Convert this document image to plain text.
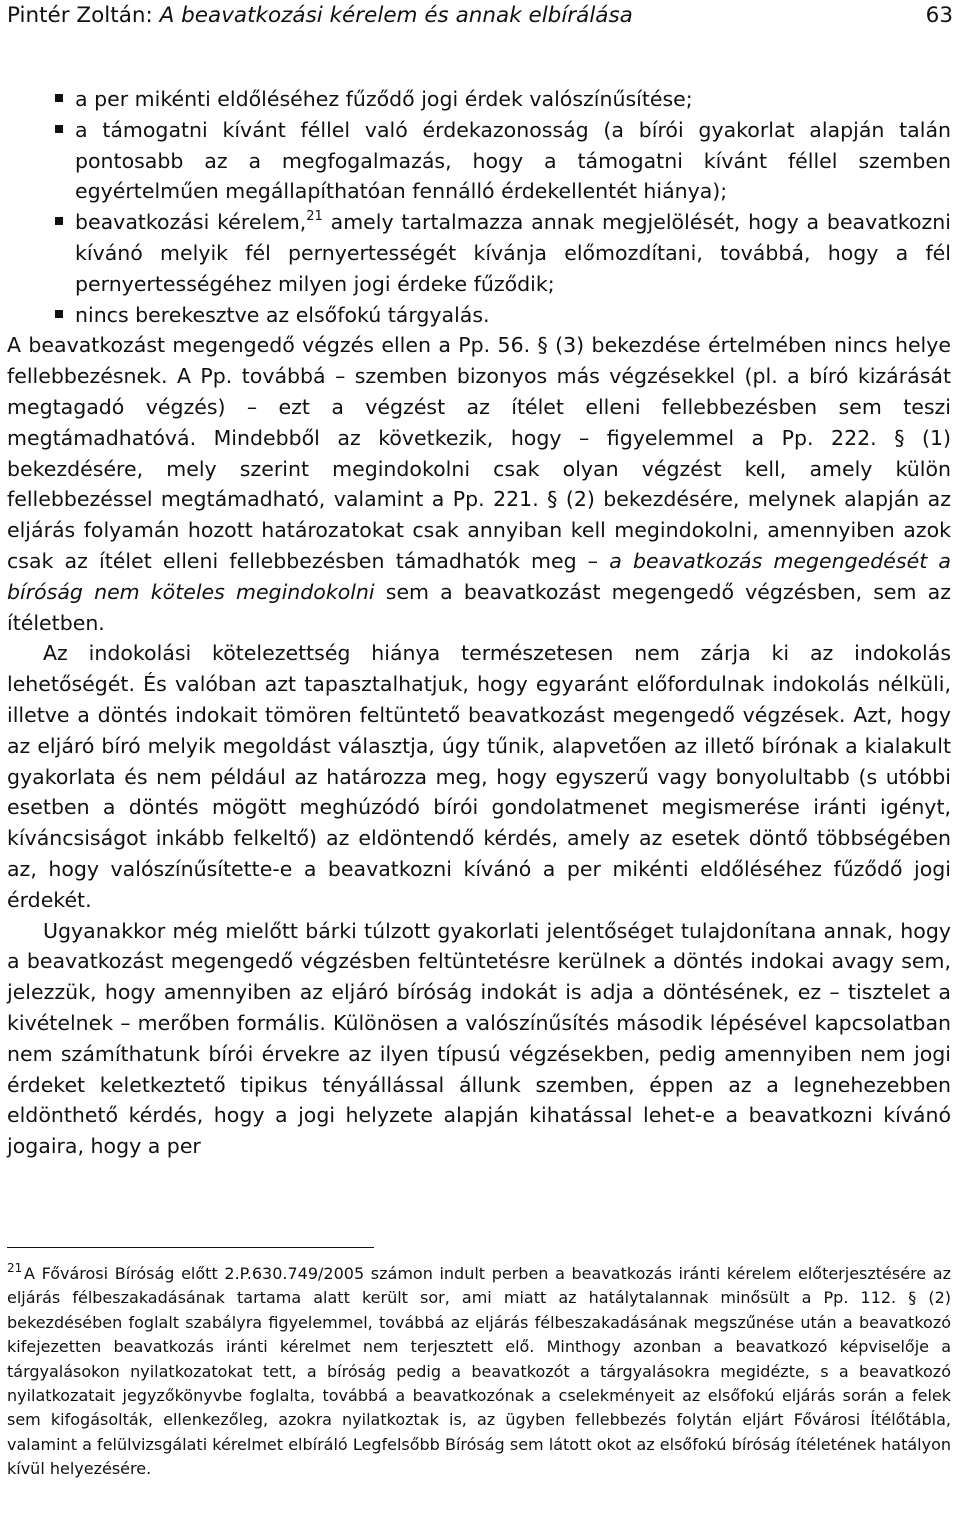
Pintér Zoltán: A beavatkozási kérelem és annak elbírálása	63
a per mikénti eldőléséhez fűződő jogi érdek valószínűsítése;
a támogatni kívánt féllel való érdekazonosság (a bírói gyakorlat alapján talán pontosabb az a megfogalmazás, hogy a támogatni kívánt féllel szemben egyértelműen megállapíthatóan fennálló érdekellentét hiánya);
beavatkozási kérelem,$^{21}$ amely tartalmazza annak megjelölését, hogy a beavatkozni kívánó melyik fél pernyertességét kívánja előmozdítani, továbbá, hogy a fél pernyertességéhez milyen jogi érdeke fűződik;
nincs berekesztve az elsőfokú tárgyalás.

A beavatkozást megengedő végzés ellen a Pp. 56. § (3) bekezdése értelmében nincs helye fellebbezésnek. A Pp. továbbá – szemben bizonyos más végzésekkel (pl. a bíró kizárását megtagadó végzés) – ezt a végzést az ítélet elleni fellebbezésben sem teszi megtámadhatóvá. Mindebből az következik, hogy – figyelemmel a Pp. 222. § (1) bekezdésére, mely szerint megindokolni csak olyan végzést kell, amely külön fellebbezéssel megtámadható, valamint a Pp. 221. § (2) bekezdésére, melynek alapján az eljárás folyamán hozott határozatokat csak annyiban kell megindokolni, amennyiben azok csak az ítélet elleni fellebbezésben támadhatók meg – a beavatkozás megengedését a bíróság nem köteles megindokolni sem a beavatkozást megengedő végzésben, sem az ítéletben.

Az indokolási kötelezettség hiánya természetesen nem zárja ki az indokolás lehetőségét. És valóban azt tapasztalhatjuk, hogy egyaránt előfordulnak indokolás nélküli, illetve a döntés indokait tömören feltüntető beavatkozást megengedő végzések. Azt, hogy az eljáró bíró melyik megoldást választja, úgy tűnik, alapvetően az illető bírónak a kialakult gyakorlata és nem például az határozza meg, hogy egyszerű vagy bonyolultabb (s utóbbi esetben a döntés mögött meghúzódó bírói gondolatmenet megismerése iránti igényt, kíváncsiságot inkább felkeltő) az eldöntendő kérdés, amely az esetek döntő többségében az, hogy valószínűsítette-e a beavatkozni kívánó a per mikénti eldőléséhez fűződő jogi érdekét.

Ugyanakkor még mielőtt bárki túlzott gyakorlati jelentőséget tulajdonítana annak, hogy a beavatkozást megengedő végzésben feltüntetésre kerülnek a döntés indokai avagy sem, jelezzük, hogy amennyiben az eljáró bíróság indokát is adja a döntésének, ez – tisztelet a kivételnek – merőben formális. Különösen a valószínűsítés második lépésével kapcsolatban nem számíthatunk bírói érvekre az ilyen típusú végzésekben, pedig amennyiben nem jogi érdeket keletkeztető tipikus tényállással állunk szemben, éppen az a legnehezebben eldönthető kérdés, hogy a jogi helyzete alapján kihatással lehet-e a beavatkozni kívánó jogaira, hogy a per

21 A Fővárosi Bíróság előtt 2.P.630.749/2005 számon indult perben a beavatkozás iránti kérelem előterjesztésére az eljárás félbeszakadásának tartama alatt került sor, ami miatt az hatálytalannak minősült a Pp. 112. § (2) bekezdésében foglalt szabályra figyelemmel, továbbá az eljárás félbeszakadásának megszűnése után a beavatkozó kifejezetten beavatkozás iránti kérelmet nem terjesztett elő. Minthogy azonban a beavatkozó képviselője a tárgyalásokon nyilatkozatokat tett, a bíróság pedig a beavatkozót a tárgyalásokra megidézte, s a beavatkozó nyilatkozatait jegyzőkönyvbe foglalta, továbbá a beavatkozónak a cselekményeit az elsőfokú eljárás során a felek sem kifogásolták, ellenkezőleg, azokra nyilatkoztak is, az ügyben fellebbezés folytán eljárt Fővárosi Ítélőtábla, valamint a felülvizsgálati kérelmet elbíráló Legfelsőbb Bíróság sem látott okot az elsőfokú bíróság ítéletének hatályon kívül helyezésére.
